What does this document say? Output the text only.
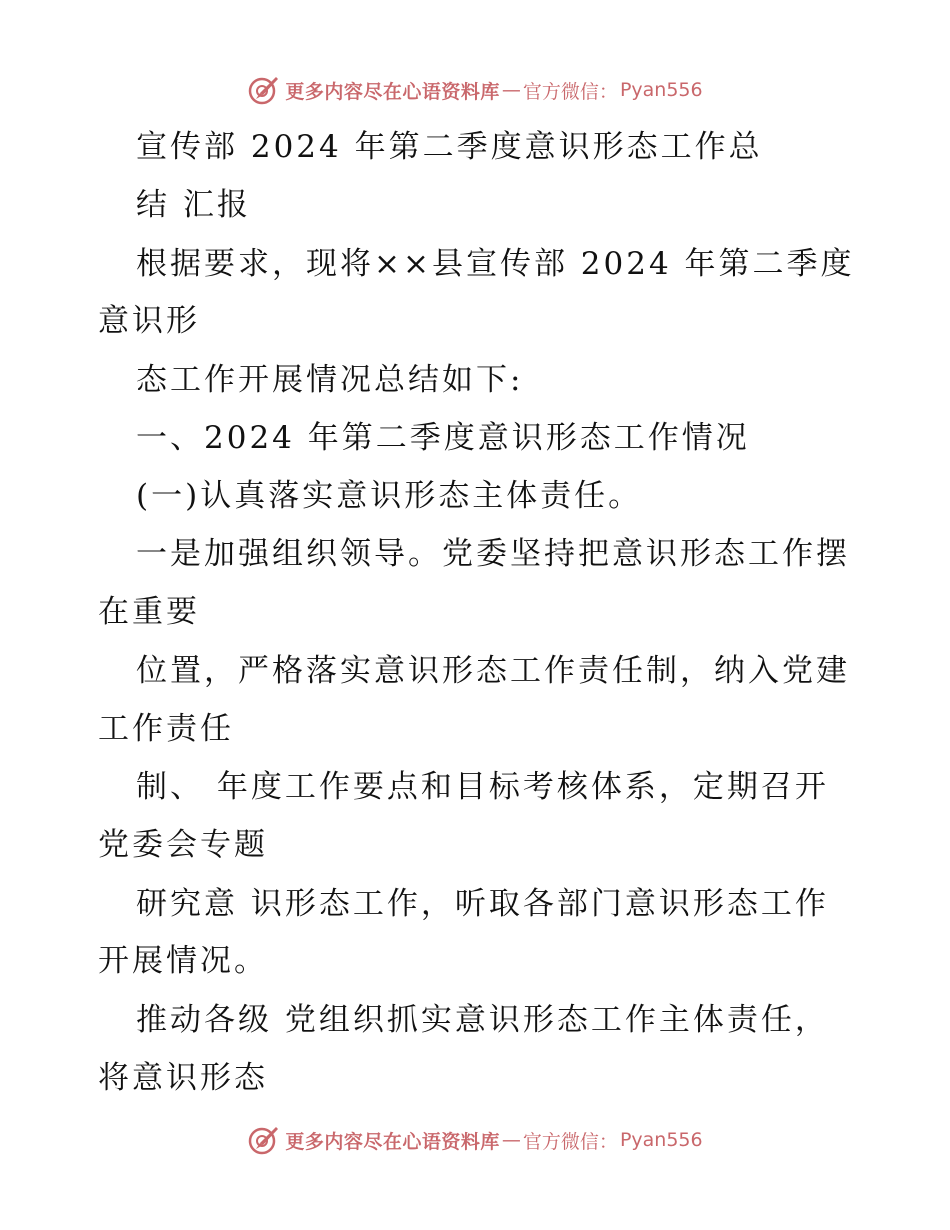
更多内容尽在心语资料库 — 官方微信： Pyan556
宣传部 2024 年第二季度意识形态工作总
结 汇报
根据要求，现将××县宣传部 2024 年第二季度
意识形
态工作开展情况总结如下:
一、2024 年第二季度意识形态工作情况
(一)认真落实意识形态主体责任。
一是加强组织领导。党委坚持把意识形态工作摆
在重要
位置，严格落实意识形态工作责任制，纳入党建
工作责任
制、 年度工作要点和目标考核体系，定期召开
党委会专题
研究意 识形态工作，听取各部门意识形态工作
开展情况。
推动各级 党组织抓实意识形态工作主体责任，
将意识形态
更多内容尽在心语资料库 — 官方微信： Pyan556
